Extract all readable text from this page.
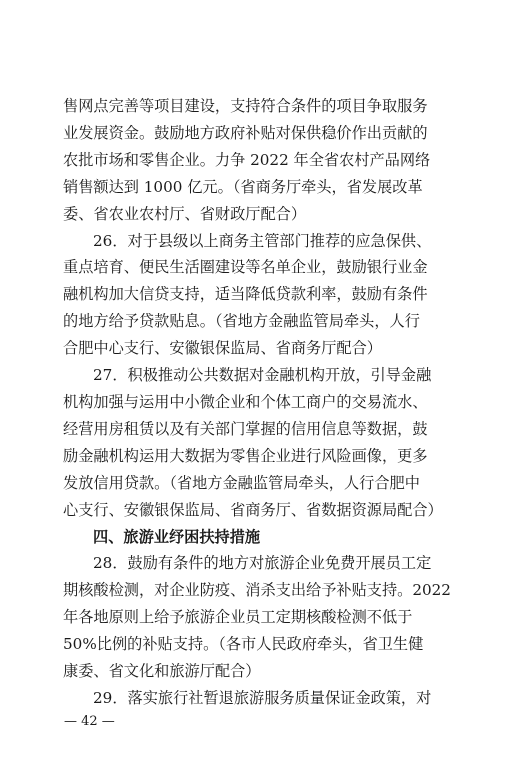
售网点完善等项目建设，支持符合条件的项目争取服务
业发展资金。鼓励地方政府补贴对保供稳价作出贡献的
农批市场和零售企业。力争 2022 年全省农村产品网络
销售额达到 1000 亿元。（省商务厅牵头，省发展改革
委、省农业农村厅、省财政厅配合）
26．对于县级以上商务主管部门推荐的应急保供、
重点培育、便民生活圈建设等名单企业，鼓励银行业金
融机构加大信贷支持，适当降低贷款利率，鼓励有条件
的地方给予贷款贴息。（省地方金融监管局牵头，人行
合肥中心支行、安徽银保监局、省商务厅配合）
27．积极推动公共数据对金融机构开放，引导金融
机构加强与运用中小微企业和个体工商户的交易流水、
经营用房租赁以及有关部门掌握的信用信息等数据，鼓
励金融机构运用大数据为零售企业进行风险画像，更多
发放信用贷款。（省地方金融监管局牵头，人行合肥中
心支行、安徽银保监局、省商务厅、省数据资源局配合）
四、旅游业纾困扶持措施
28．鼓励有条件的地方对旅游企业免费开展员工定
期核酸检测，对企业防疫、消杀支出给予补贴支持。2022
年各地原则上给予旅游企业员工定期核酸检测不低于
50%比例的补贴支持。（各市人民政府牵头，省卫生健
康委、省文化和旅游厅配合）
29．落实旅行社暂退旅游服务质量保证金政策，对
— 42 —
